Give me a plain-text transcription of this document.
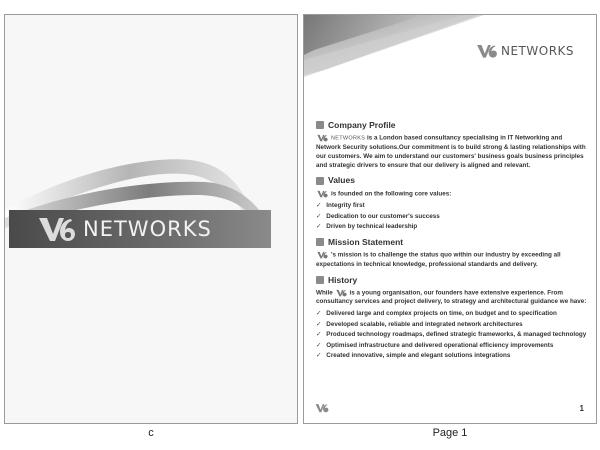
NETWORKS
c
NETWORKS
Company Profile

NETWORKS is a London based consultancy specialising in IT Networking and Network Security solutions.Our commitment is to build strong & lasting relationships with our customers. We aim to understand our customers' business goals business principles and strategic drivers to ensure that our delivery is aligned and relevant.

Values

is founded on the following core values:

✓ Integrity first
✓ Dedication to our customer's success
✓ Driven by technical leadership
Mission Statement

's mission is to challenge the status quo within our industry by exceeding all expectations in technical knowledge, professional standards and delivery.

History

While	is a young organisation, our founders have extensive experience. From consultancy services and project delivery, to strategy and architectural guidance we have:

✓ Delivered large and complex projects on time, on budget and to specification
✓ Developed scalable, reliable and integrated network architectures
✓ Produced technology roadmaps, defined strategic frameworks, & managed technology
✓ Optimised infrastructure and delivered operational efficiency improvements
✓ Created innovative, simple and elegant solutions integrations
1
Page 1
